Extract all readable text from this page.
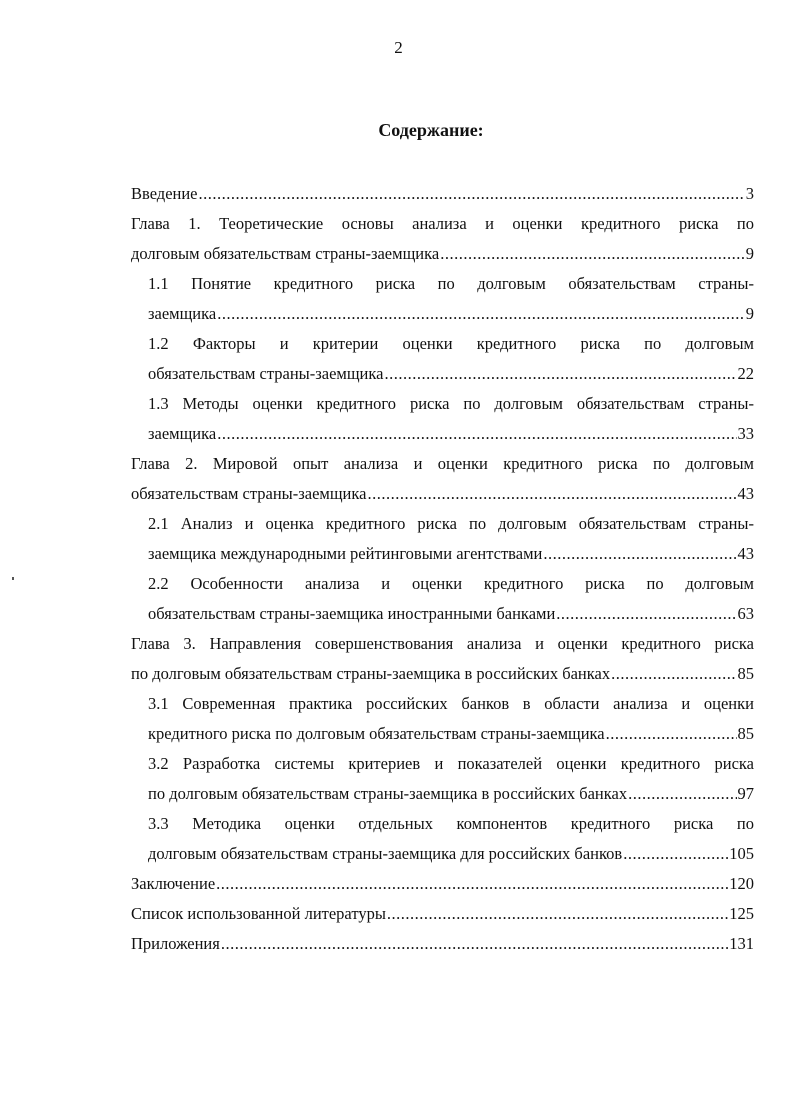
2
Содержание:
Введение .....	3
Глава 1. Теоретические основы анализа и оценки кредитного риска по
долговым обязательствам страны-заемщика .....	9
1.1 Понятие кредитного риска по долговым обязательствам страны-
заемщика .....	9
1.2 Факторы и критерии оценки кредитного риска по долговым
обязательствам страны-заемщика .....	22
1.3 Методы оценки кредитного риска по долговым обязательствам страны-
заемщика .....	33
Глава 2. Мировой опыт анализа и оценки кредитного риска по долговым
обязательствам страны-заемщика .....	43
2.1 Анализ и оценка кредитного риска по долговым обязательствам страны-
заемщика международными рейтинговыми агентствами .....	43
2.2 Особенности анализа и оценки кредитного риска по долговым
обязательствам страны-заемщика иностранными банками .....	63
Глава 3. Направления совершенствования анализа и оценки кредитного риска
по долговым обязательствам страны-заемщика в российских банках .....	85
3.1 Современная практика российских банков в области анализа и оценки
кредитного риска по долговым обязательствам страны-заемщика .....	85
3.2 Разработка системы критериев и показателей оценки кредитного риска
по долговым обязательствам страны-заемщика в российских банках .....	97
3.3 Методика оценки отдельных компонентов кредитного риска по
долговым обязательствам страны-заемщика для российских банков .....	105
Заключение .....	120
Список использованной литературы .....	125
Приложения .....	131
